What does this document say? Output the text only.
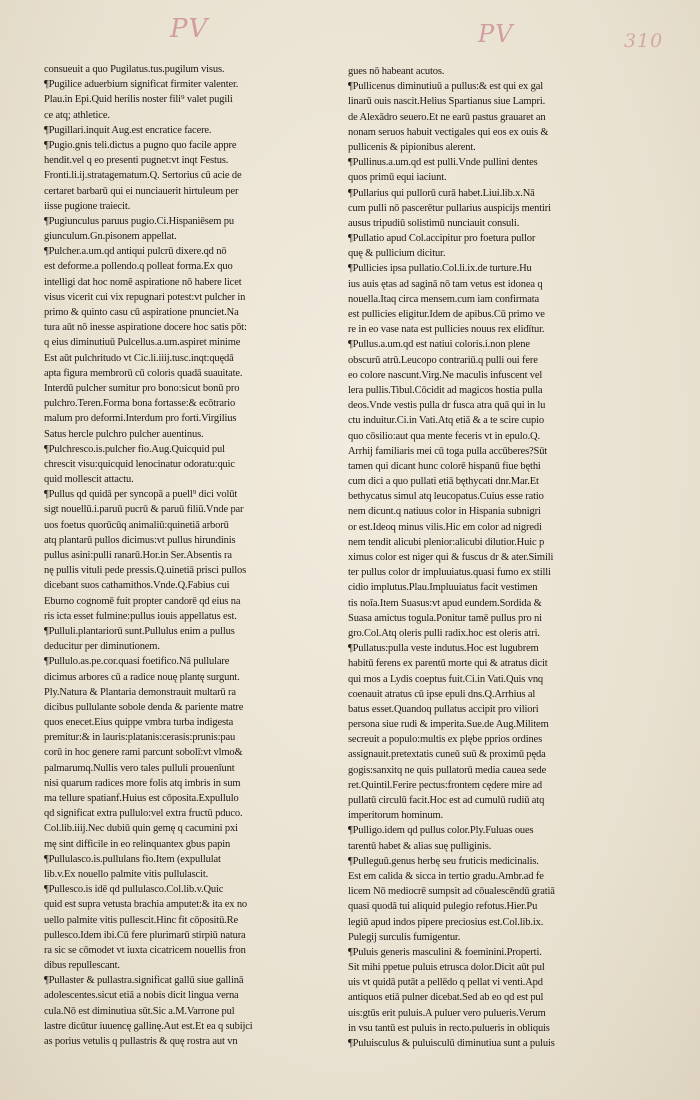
PV	PV	310
consueuit a quo Pugilatus.tus.pugilum visus.
¶Pugilice aduerbium significat firmiter valenter.
Plau.in Epi.Quid herilis noster fili⁹ valet pugili
ce atq; athletice.
¶Pugillari.inquit Aug.est encratice facere.
¶Pugio.gnis teli.dictus a pugno quo facile appre
hendit.vel q eo presenti pugnet:vt inqt Festus.
Fronti.li.ij.stratagematum.Q. Sertorius cū acie de
certaret barbarū qui ei nunciauerit hirtuleum per
iisse pugione traiecit.
¶Pugiunculus paruus pugio.Ci.Hispaniēsem pu
giunculum.Gn.pisonem appellat.
¶Pulcher.a.um.qd antiqui pulcrū dixere.qd nō
est deforme.a pollendo.q polleat forma.Ex quo
intelligi dat hoc nomē aspiratione nō habere licet
visus vicerit cui vix repugnari potest:vt pulcher in
primo & quinto casu cū aspiratione pnunciet.Na
tura aūt nō inesse aspiratione docere hoc satis pōt:
q eius diminutiuū Pulcellus.a.um.aspiret minime
Est aūt pulchritudo vt Cic.li.iiij.tusc.inqt:quędā
apta figura membrorū cū coloris quadā suauitate.
Interdū pulcher sumitur pro bono:sicut bonū pro
pulchro.Teren.Forma bona fortasse:& ecōtrario
malum pro deformi.Interdum pro forti.Virgilius
Satus hercle pulchro pulcher auentinus.
¶Pulchresco.is.pulcher fio.Aug.Quicquid pul
chrescit visu:quicquid lenocinatur odoratu:quic
quid mollescit attactu.
¶Pullus qd quidā per syncopā a puell⁹ dici volūt
sigt nouellū.i.paruū pucrū & paruū filiū.Vnde par
uos foetus quorūcūq animaliū:quinetiā arborū
atq plantarū pullos dicimus:vt pullus hirundinis
pullus asini:pulli ranarū.Hor.in Ser.Absentis ra
nę pullis vituli pede pressis.Q.uinetiā prisci pullos
dicebant suos cathamithos.Vnde.Q.Fabius cui
Eburno cognomē fuit propter candorē qd eius na
ris icta esset fulmine:pullus iouis appellatus est.
¶Pulluli.plantariorū sunt.Pullulus enim a pullus
deducitur per diminutionem.
¶Pullulo.as.pe.cor.quasi foetifico.Nā pullulare
dicimus arbores cū a radice nouę plantę surgunt.
Ply.Natura & Plantaria demonstrauit multarū ra
dicibus pullulante sobole denda & pariente matre
quos enecet.Eius quippe vmbra turba indigesta
premitur:& in lauris:platanis:cerasis:prunis:pau
corū in hoc genere rami parcunt sobolī:vt vlmo&
palmarumq.Nullis vero tales pulluli prouenīunt
nisi quarum radices more folis atq imbris in sum
ma tellure spatianf.Huius est cōposita.Expullulo
qd significat extra pullulo:vel extra fructū pduco.
Col.lib.iiij.Nec dubiū quin gemę q cacumini pxi
mę sint difficile in eo relinquantex gbus papin
¶Pullulasco.is.pullulans fio.Item (expullulat
lib.v.Ex nouello palmite vitis pullulascit.
¶Pullesco.is idē qd pullulasco.Col.lib.v.Quic
quid est supra vetusta brachia amputet:& ita ex no
uello palmite vitis pullescit.Hinc fit cōpositū.Re
pullesco.Idem ibi.Cū fere plurimarū stirpiū natura
ra sic se cōmodet vt iuxta cicatricem nouellis fron
dibus repullescant.
¶Pullaster & pullastra.significat gallū siue gallinā
adolescentes.sicut etiā a nobis dicit lingua verna
cula.Nō est diminutiua sūt.Sic a.M.Varrone pul
lastre dicūtur iuuencę gallinę.Aut est.Et ea q subijci
as porius vetulis q pullastris & quę rostra aut vn
gues nō habeant acutos.
¶Pullicenus diminutiuū a pullus:& est qui ex gal
linarū ouis nascit.Helius Spartianus siue Lampri.
de Alexādro seuero.Et ne earū pastus grauaret an
nonam seruos habuit vectigales qui eos ex ouis &
pullicenis & pipionibus alerent.
¶Pullinus.a.um.qd est pulli.Vnde pullini dentes
quos primū equi iaciunt.
¶Pullarius qui pullorū curā habet.Liui.lib.x.Nā
cum pulli nō pascerētur pullarius auspicijs mentiri
ausus tripudiū solistimū nunciauit consuli.
¶Pullatio apud Col.accipitur pro foetura pullor
quę & pullicium dicitur.
¶Pullicies ipsa pullatio.Col.li.ix.de turture.Hu
ius auis ętas ad saginā nō tam vetus est idonea q
nouella.Itaq circa mensem.cum iam confirmata
est pullicies eligitur.Idem de apibus.Cū primo ve
re in eo vase nata est pullicies nouus rex elidītur.
¶Pullus.a.um.qd est natiui coloris.i.non plene
obscurū atrū.Leucopo contrariū.q pulli oui fere
eo colore nascunt.Virg.Ne maculis infuscent vel
lera pullis.Tibul.Cōcidit ad magicos hostia pulla
deos.Vnde vestis pulla dr fusca atra quā qui in lu
ctu induitur.Ci.in Vati.Atq etiā & a te scire cupio
quo cōsilio:aut qua mente feceris vt in epulo.Q.
Arrhij familiaris mei cū toga pulla accūberes?Sūt
tamen qui dicant hunc colorē hispanū fiue bęthi
cum dici a quo pullati etiā bęthycati dnr.Mar.Et
bethycatus simul atq leucopatus.Cuius esse ratio
nem dicunt.q natiuus color in Hispania subnigri
or est.Ideoq minus vilis.Hic em color ad nigredi
nem tendit alicubi plenior:alicubi dilutior.Huic p
ximus color est niger qui & fuscus dr & ater.Simili
ter pullus color dr impluuiatus.quasi fumo ex stilli
cidio implutus.Plau.Impluuiatus facit vestimen
tis noīa.Item Suasus:vt apud eundem.Sordida &
Suasa amictus togula.Ponitur tamē pullus pro ni
gro.Col.Atq oleris pulli radix.hoc est oleris atri.
¶Pullatus:pulla veste indutus.Hoc est lugubrem
habitū ferens ex parentū morte qui & atratus dicit
qui mos a Lydis coeptus fuit.Ci.in Vati.Quis vnq
coenauit atratus cū ipse epuli dns.Q.Arrhius al
batus esset.Quandoq pullatus accipit pro viliori
persona siue rudi & imperita.Sue.de Aug.Militem
secreuit a populo:multis ex plębe pprios ordines
assignauit.pretextatis cuneū suū & proximū pęda
gogis:sanxitq ne quis pullatorū media cauea sede
ret.Quintil.Ferire pectus:frontem cędere mire ad
pullatū circulū facit.Hoc est ad cumulū rudiū atq
imperitorum hominum.
¶Pulligo.idem qd pullus color.Ply.Fuluas oues
tarentū habet & alias suę pulliginis.
¶Pulleguū.genus herbę seu fruticis medicinalis.
Est em calida & sicca in tertio gradu.Ambr.ad fe
licem Nō mediocrē sumpsit ad cōualescēndū gratiā
quasi quodā tui aliquid pulegio refotus.Hier.Pu
legiū apud indos pipere preciosius est.Col.lib.ix.
Pulegij surculis fumigentur.
¶Puluis generis masculini & foeminini.Properti.
Sit mihi ppetue puluis etrusca dolor.Dicit aūt pul
uis vt quidā putāt a pellēdo q pellat vi venti.Apd
antiquos etiā pulner dicebat.Sed ab eo qd est pul
uis:gtūs erit puluis.A puluer vero pulueris.Verum
in vsu tantū est puluis in recto.pulueris in obliquis
¶Puluisculus & puluisculū diminutiua sunt a puluis
